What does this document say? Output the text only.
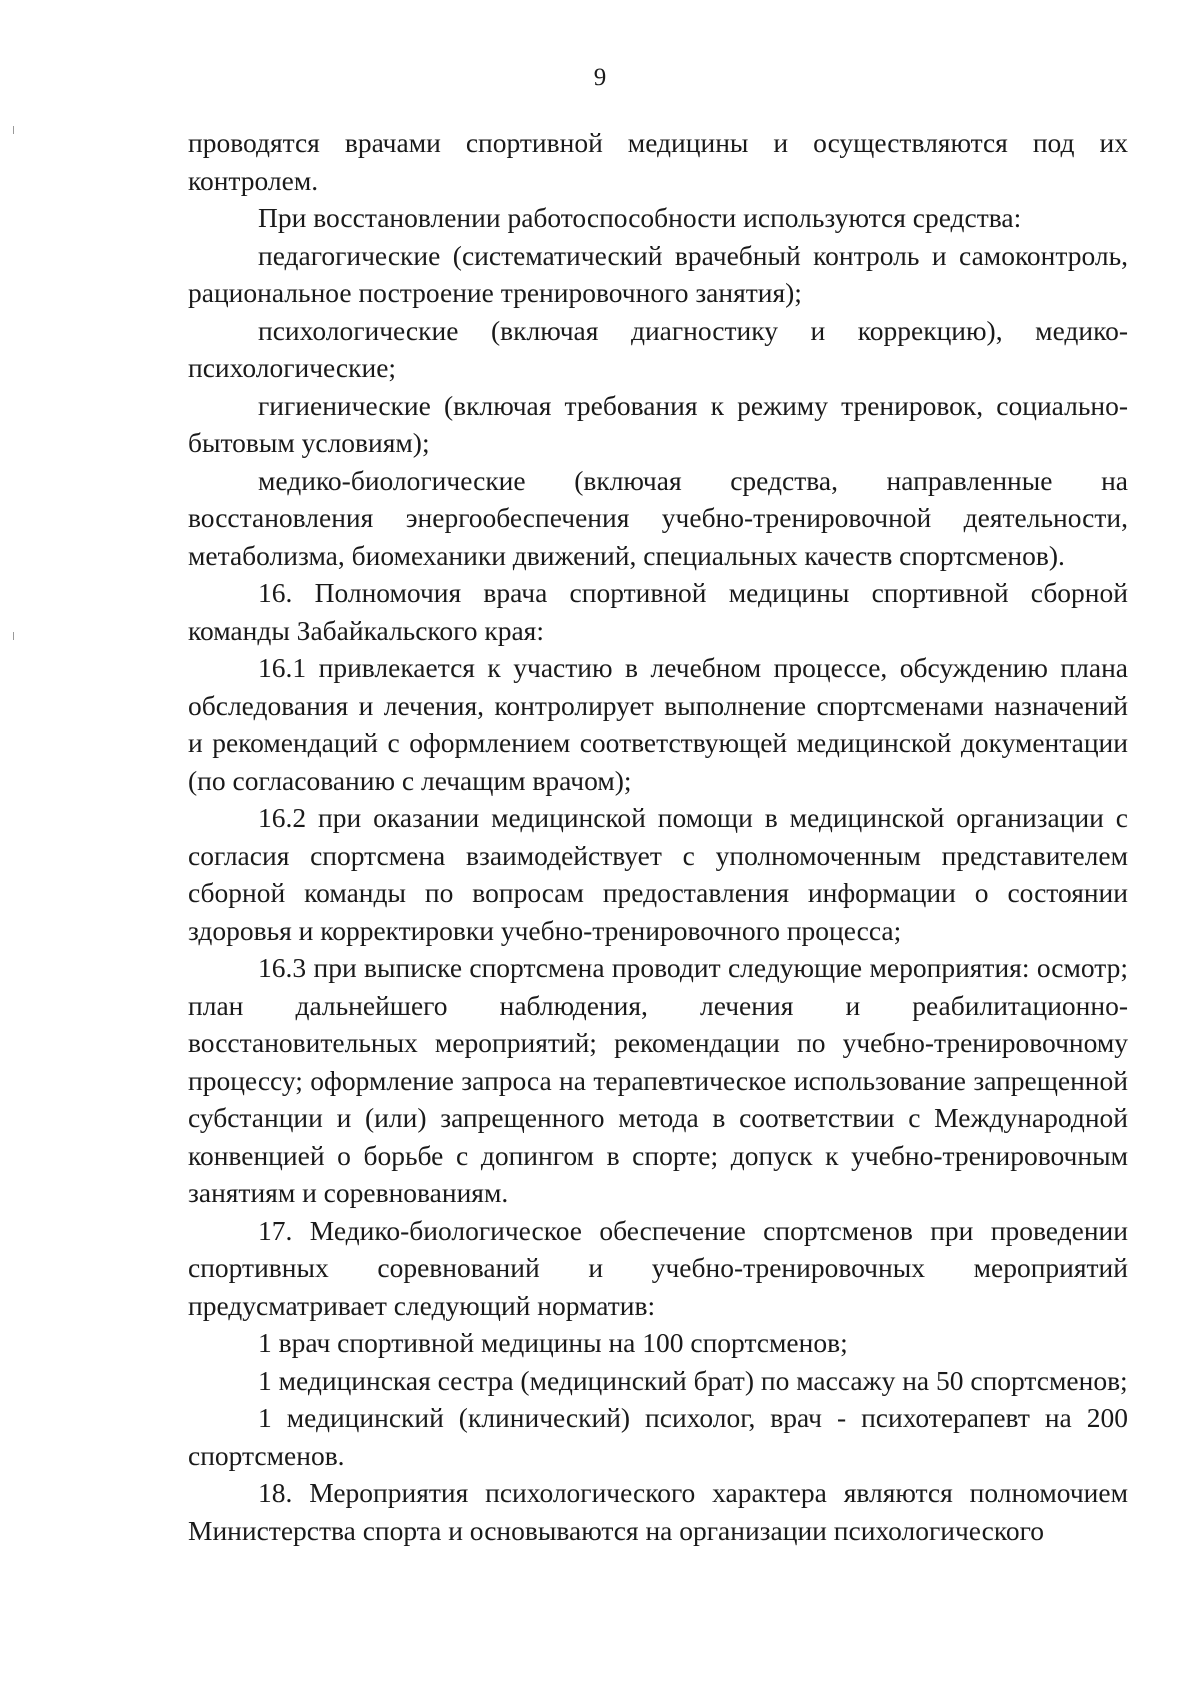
9

проводятся врачами спортивной медицины и осуществляются под их контролем.

При восстановлении работоспособности используются средства:

педагогические (систематический врачебный контроль и самоконтроль, рациональное построение тренировочного занятия);

психологические (включая диагностику и коррекцию), медико-психологические;

гигиенические (включая требования к режиму тренировок, социально-бытовым условиям);

медико-биологические (включая средства, направленные на восстановления энергообеспечения учебно-тренировочной деятельности, метаболизма, биомеханики движений, специальных качеств спортсменов).

16. Полномочия врача спортивной медицины спортивной сборной команды Забайкальского края:

16.1 привлекается к участию в лечебном процессе, обсуждению плана обследования и лечения, контролирует выполнение спортсменами назначений и рекомендаций с оформлением соответствующей медицинской документации (по согласованию с лечащим врачом);

16.2 при оказании медицинской помощи в медицинской организации с согласия спортсмена взаимодействует с уполномоченным представителем сборной команды по вопросам предоставления информации о состоянии здоровья и корректировки учебно-тренировочного процесса;

16.3 при выписке спортсмена проводит следующие мероприятия: осмотр; план дальнейшего наблюдения, лечения и реабилитационно-восстановительных мероприятий; рекомендации по учебно-тренировочному процессу; оформление запроса на терапевтическое использование запрещенной субстанции и (или) запрещенного метода в соответствии с Международной конвенцией о борьбе с допингом в спорте; допуск к учебно-тренировочным занятиям и соревнованиям.

17. Медико-биологическое обеспечение спортсменов при проведении спортивных соревнований и учебно-тренировочных мероприятий предусматривает следующий норматив:

1 врач спортивной медицины на 100 спортсменов;

1 медицинская сестра (медицинский брат) по массажу на 50 спортсменов;

1 медицинский (клинический) психолог, врач - психотерапевт на 200 спортсменов.

18. Мероприятия психологического характера являются полномочием Министерства спорта и основываются на организации психологического
